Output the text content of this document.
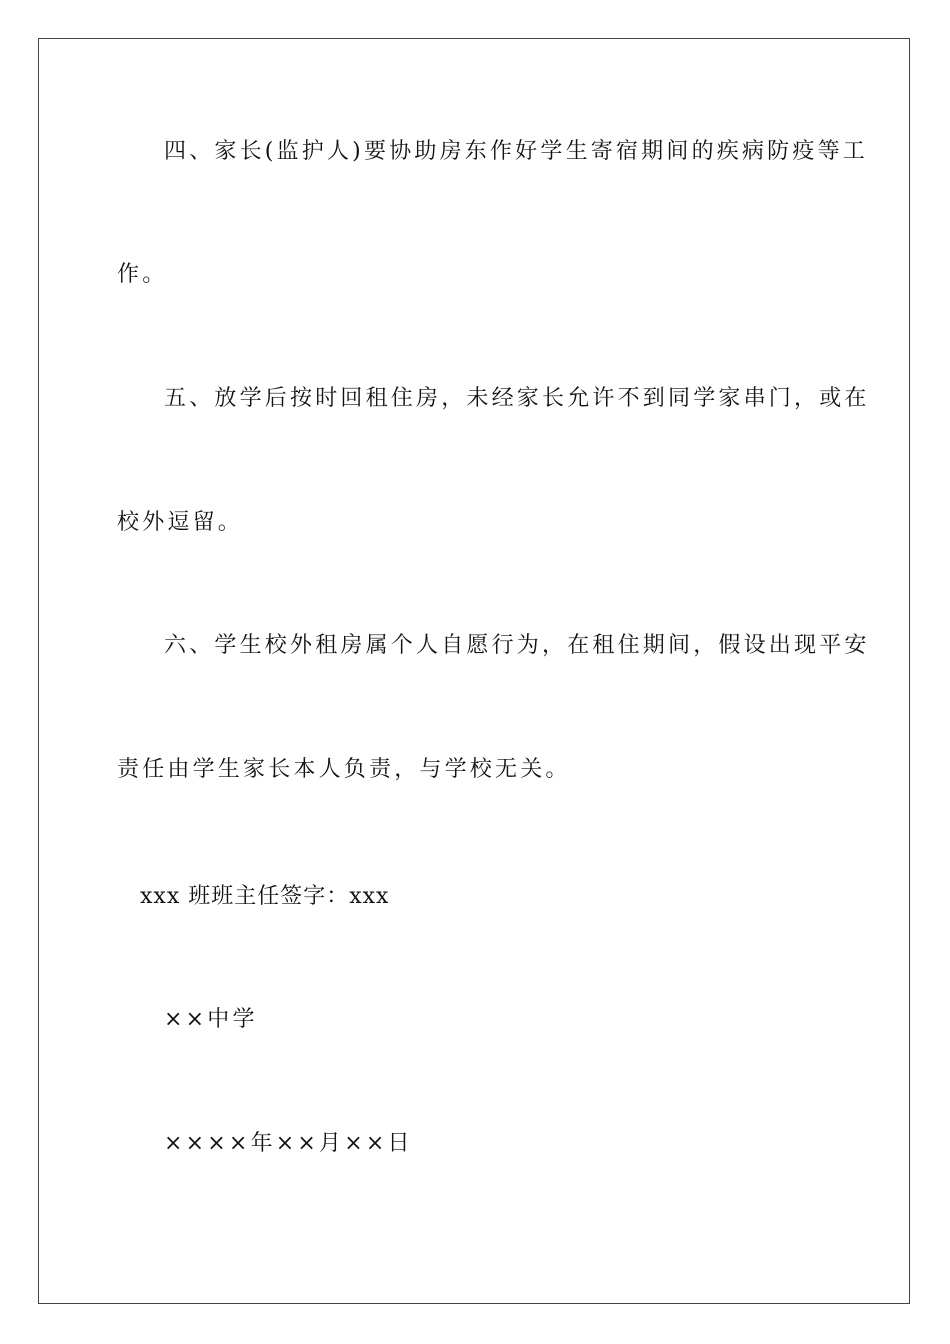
四、家长(监护人)要协助房东作好学生寄宿期间的疾病防疫等工
作。
五、放学后按时回租住房，未经家长允许不到同学家串门，或在
校外逗留。
六、学生校外租房属个人自愿行为，在租住期间，假设出现平安
责任由学生家长本人负责，与学校无关。
xxx 班班主任签字：xxx
××中学
××××年××月××日
